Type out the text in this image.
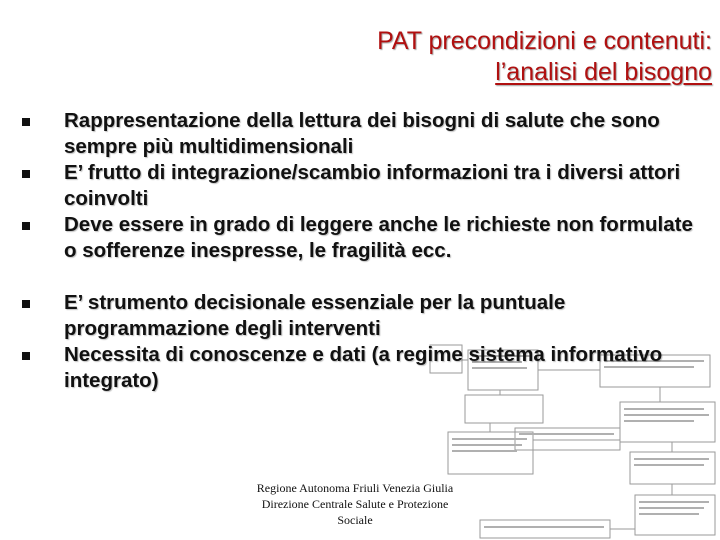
PAT precondizioni e contenuti:
l’analisi del bisogno
Rappresentazione della lettura dei bisogni di salute che sono sempre più multidimensionali
E’ frutto di integrazione/scambio informazioni tra i diversi attori coinvolti
Deve essere in grado di leggere anche le richieste non formulate o sofferenze inespresse, le fragilità ecc.
E’ strumento decisionale essenziale per la puntuale programmazione degli interventi
Necessita di conoscenze e dati (a regime sistema informativo integrato)
Regione Autonoma Friuli Venezia Giulia
Direzione Centrale Salute e Protezione
Sociale
